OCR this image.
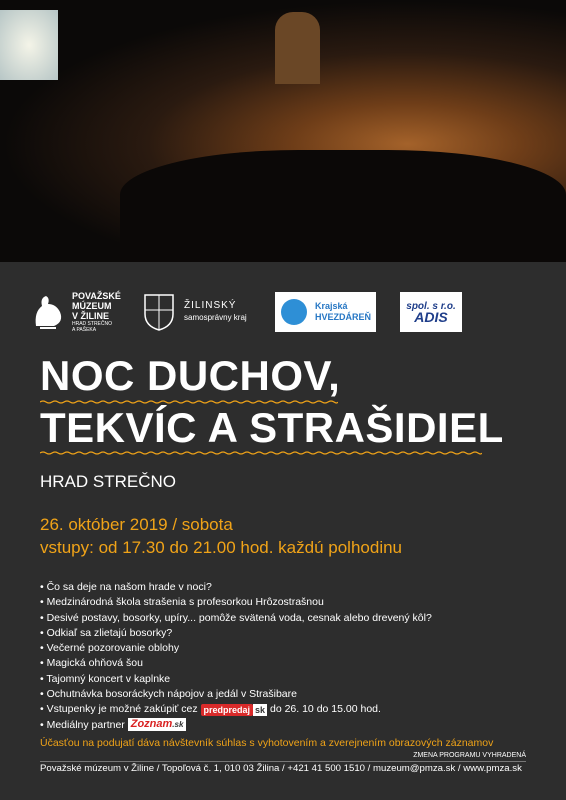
POVAŽSKÉ
MÚZEUM
V ŽILINE
HRAD STREČNO
A PAŠEKA
ŽILINSKÝ
samosprávny kraj
Krajská
HVEZDÁREŇ
spol. s r.o.
ADIS
NOC DUCHOV,
TEKVÍC A STRAŠIDIEL
HRAD STREČNO
26. október 2019 / sobota
vstupy: od 17.30 do 21.00 hod. každú polhodinu
• Čo sa deje na našom hrade v noci?
• Medzinárodná škola strašenia s profesorkou Hrôzostrašnou
• Desivé postavy, bosorky, upíry... pomôže svätená voda, cesnak alebo drevený kôl?
• Odkiaľ sa zlietajú bosorky?
• Večerné pozorovanie oblohy
• Magická ohňová šou
• Tajomný koncert v kaplnke
• Ochutnávka bosoráckych nápojov a jedál v Strašibare
• Vstupenky je možné zakúpiť cez predpredaj sk do 26. 10 do 15.00 hod.
• Mediálny partner Zoznam.sk
Účasťou na podujatí dáva návštevník súhlas s vyhotovením a zverejnením obrazových záznamov
ZMENA PROGRAMU VYHRADENÁ
Považské múzeum v Žiline / Topoľová č. 1, 010 03 Žilina / +421 41 500 1510 / muzeum@pmza.sk / www.pmza.sk
